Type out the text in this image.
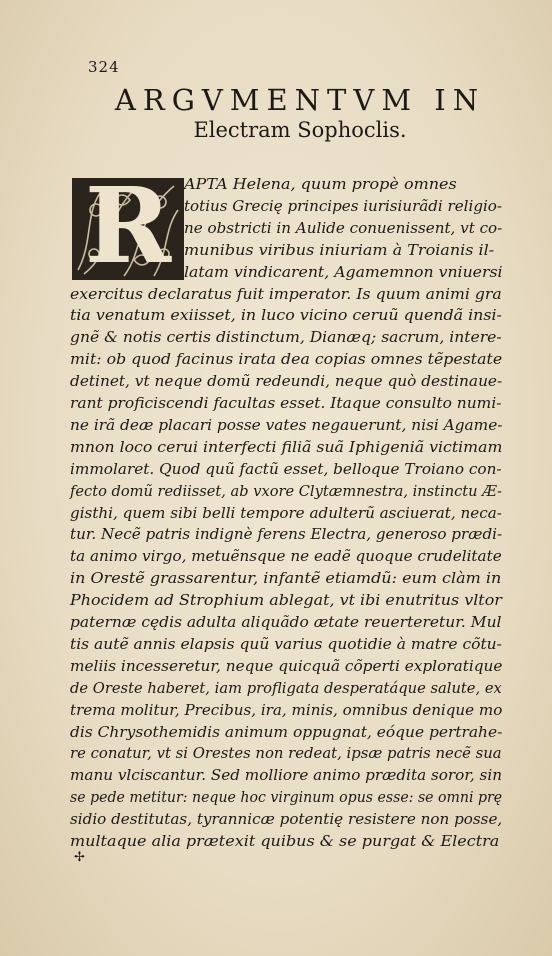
324
ARGVMENTVM IN
Electram Sophoclis.
R APTA Helena, quum propè omnes
totius Grecię principes iurisiurãdi religio-
ne obstricti in Aulide conuenissent, vt co-
munibus viribus iniuriam à Troianis il-
latam vindicarent, Agamemnon vniuersi
exercitus declaratus fuit imperator. Is quum animi gra
tia venatum exiisset, in luco vicino ceruũ quendã insi-
gnẽ & notis certis distinctum, Dianæq; sacrum, intere-
mit: ob quod facinus irata dea copias omnes tẽpestate
detinet, vt neque domũ redeundi, neque quò destinaue-
rant proficiscendi facultas esset. Itaque consulto numi-
ne irã deæ placari posse vates negauerunt, nisi Agame-
mnon loco cerui interfecti filiã suã Iphigeniã victimam
immolaret. Quod quũ factũ esset, belloque Troiano con-
fecto domũ rediisset, ab vxore Clytæmnestra, instinctu Æ-
gisthi, quem sibi belli tempore adulterũ asciuerat, neca-
tur. Necẽ patris indignè ferens Electra, generoso prædi-
ta animo virgo, metuẽnsque ne eadẽ quoque crudelitate
in Orestẽ grassarentur, infantẽ etiamdũ: eum clàm in
Phocidem ad Strophium ablegat, vt ibi enutritus vltor
paternæ cędis adulta aliquãdo ætate reuerteretur. Mul
tis autẽ annis elapsis quũ varius quotidie à matre cõtu-
meliis incesseretur, neque quicquã cõperti exploratique
de Oreste haberet, iam profligata desperatáque salute, ex
trema molitur, Precibus, ira, minis, omnibus denique mo
dis Chrysothemidis animum oppugnat, eóque pertrahe-
re conatur, vt si Orestes non redeat, ipsæ patris necẽ sua
manu vlciscantur. Sed molliore animo prædita soror, sin
se pede metitur: neque hoc virginum opus esse: se omni prę
sidio destitutas, tyrannicæ potentię resistere non posse,
multaque alia prætexit quibus & se purgat & Electra
✢
